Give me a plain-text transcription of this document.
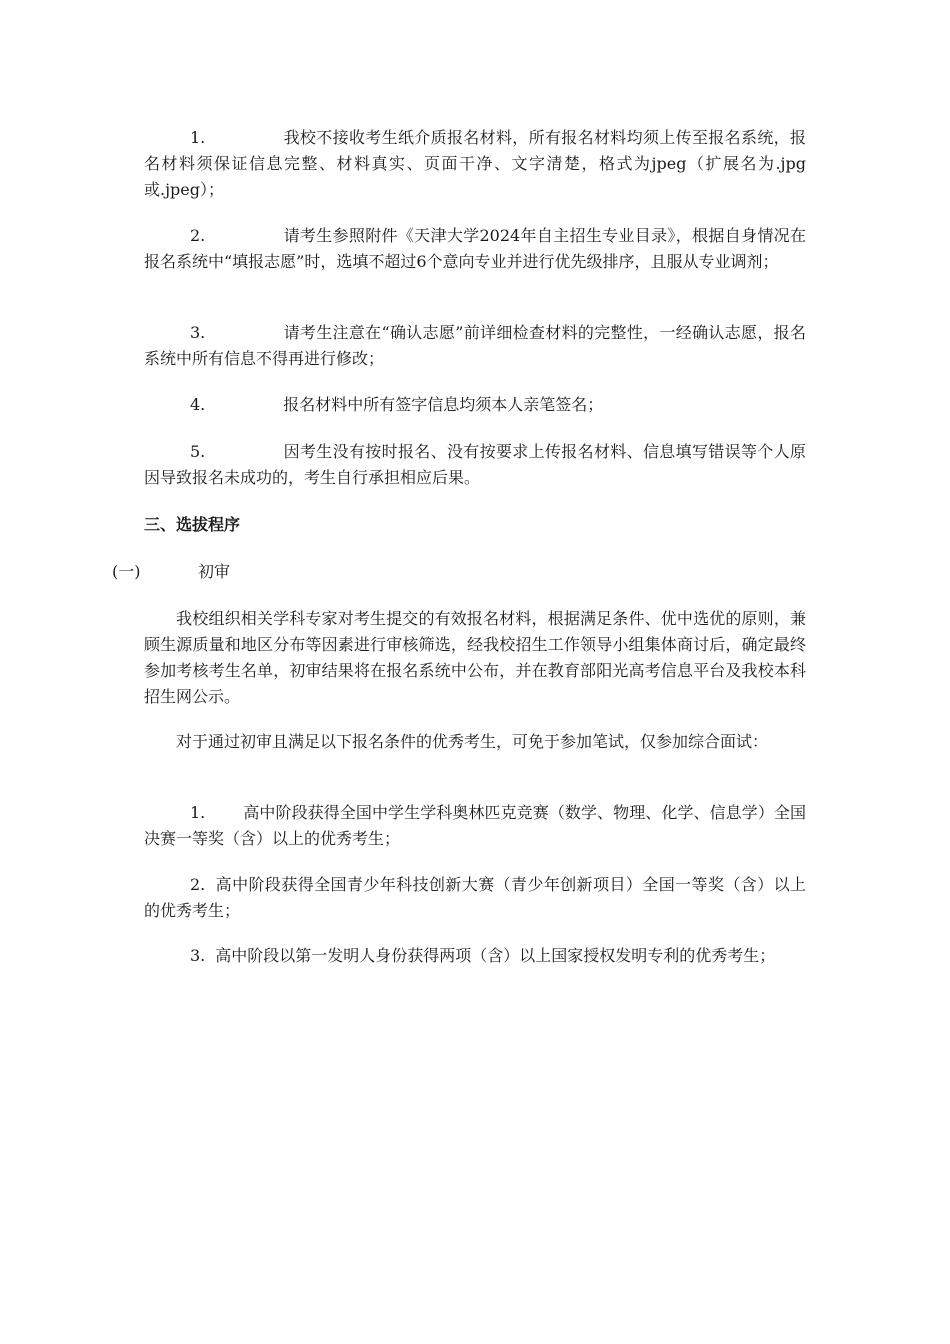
1.	我校不接收考生纸介质报名材料，所有报名材料均须上传至报名系统，报名材料须保证信息完整、材料真实、页面干净、文字清楚，格式为jpeg（扩展名为.jpg或.jpeg）；

2.	请考生参照附件《天津大学2024年自主招生专业目录》，根据自身情况在报名系统中“填报志愿”时，选填不超过6个意向专业并进行优先级排序，且服从专业调剂；

3.	请考生注意在“确认志愿”前详细检查材料的完整性，一经确认志愿，报名系统中所有信息不得再进行修改；

4.	报名材料中所有签字信息均须本人亲笔签名；

5.	因考生没有按时报名、没有按要求上传报名材料、信息填写错误等个人原因导致报名未成功的，考生自行承担相应后果。

三、选拔程序

(一)	初审

我校组织相关学科专家对考生提交的有效报名材料，根据满足条件、优中选优的原则，兼顾生源质量和地区分布等因素进行审核筛选，经我校招生工作领导小组集体商讨后，确定最终参加考核考生名单，初审结果将在报名系统中公布，并在教育部阳光高考信息平台及我校本科招生网公示。

对于通过初审且满足以下报名条件的优秀考生，可免于参加笔试，仅参加综合面试：

1. 高中阶段获得全国中学生学科奥林匹克竞赛（数学、物理、化学、信息学）全国决赛一等奖（含）以上的优秀考生；

2. 高中阶段获得全国青少年科技创新大赛（青少年创新项目）全国一等奖（含）以上的优秀考生；

3. 高中阶段以第一发明人身份获得两项（含）以上国家授权发明专利的优秀考生；
